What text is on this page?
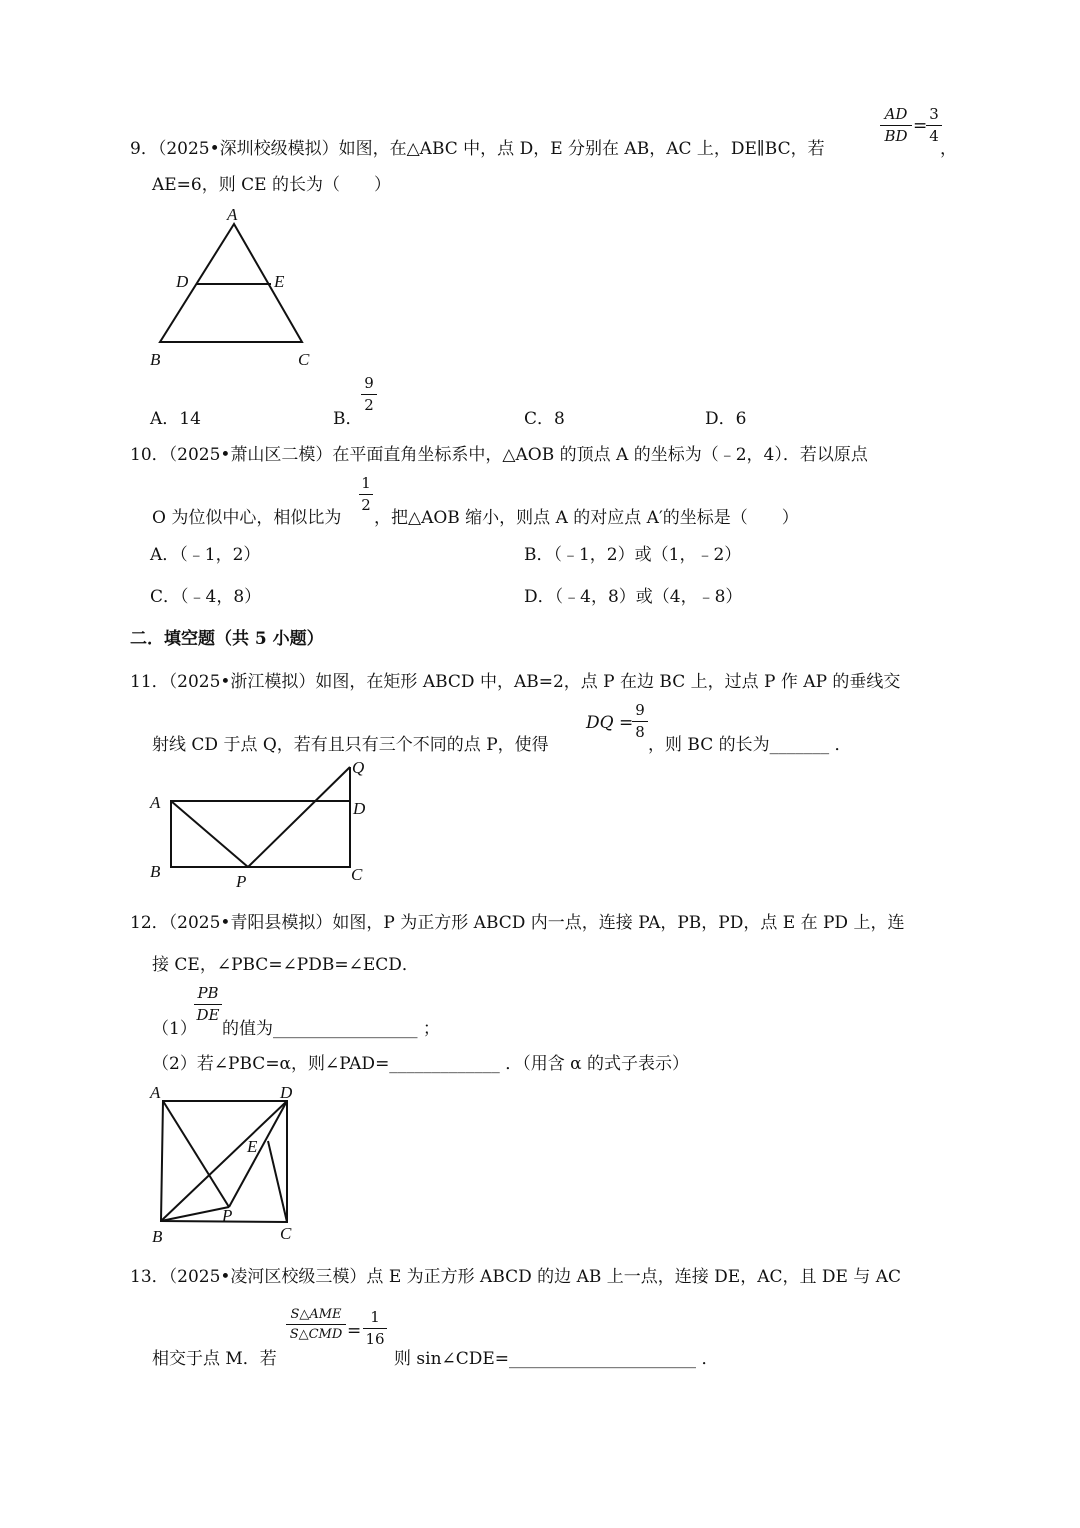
AD
BD =
3
4
，
9．（2025•深圳校级模拟）如图，在△ABC 中，点 D，E 分别在 AB，AC 上，DE∥BC，若
AE=6，则 CE 的长为（　　）
A
D	E
B	C
A．14	B．
9
2
C．8	D．6
10．（2025•萧山区二模）在平面直角坐标系中，△AOB 的顶点 A 的坐标为（﹣2，4）．若以原点
O 为位似中心，相似比为
1
2
，把△AOB 缩小，则点 A 的对应点 A′的坐标是（　　）
A．（﹣1，2）	B．（﹣1，2）或（1，﹣2）
C．（﹣4，8）	D．（﹣4，8）或（4，﹣8）
二．填空题（共 5 小题）
11．（2025•浙江模拟）如图，在矩形 ABCD 中，AB=2，点 P 在边 BC 上，过点 P 作 AP 的垂线交
射线 CD 于点 Q，若有且只有三个不同的点 P，使得
DQ =
9
8
，则 BC 的长为_______ ．
A
B	C
D
P
Q
12．（2025•青阳县模拟）如图，P 为正方形 ABCD 内一点，连接 PA，PB，PD，点 E 在 PD 上，连
接 CE，∠PBC=∠PDB=∠ECD．
（1）
PB
DE
的值为_________________ ；
（2）若∠PBC=α，则∠PAD=_____________ ．（用含 α 的式子表示）
A	D
E
P
B	C
13．（2025•凌河区校级三模）点 E 为正方形 ABCD 的边 AB 上一点，连接 DE，AC，且 DE 与 AC
相交于点 M．若
S△AME
S△CMD =
1
16
则 sin∠CDE=______________________ ．
